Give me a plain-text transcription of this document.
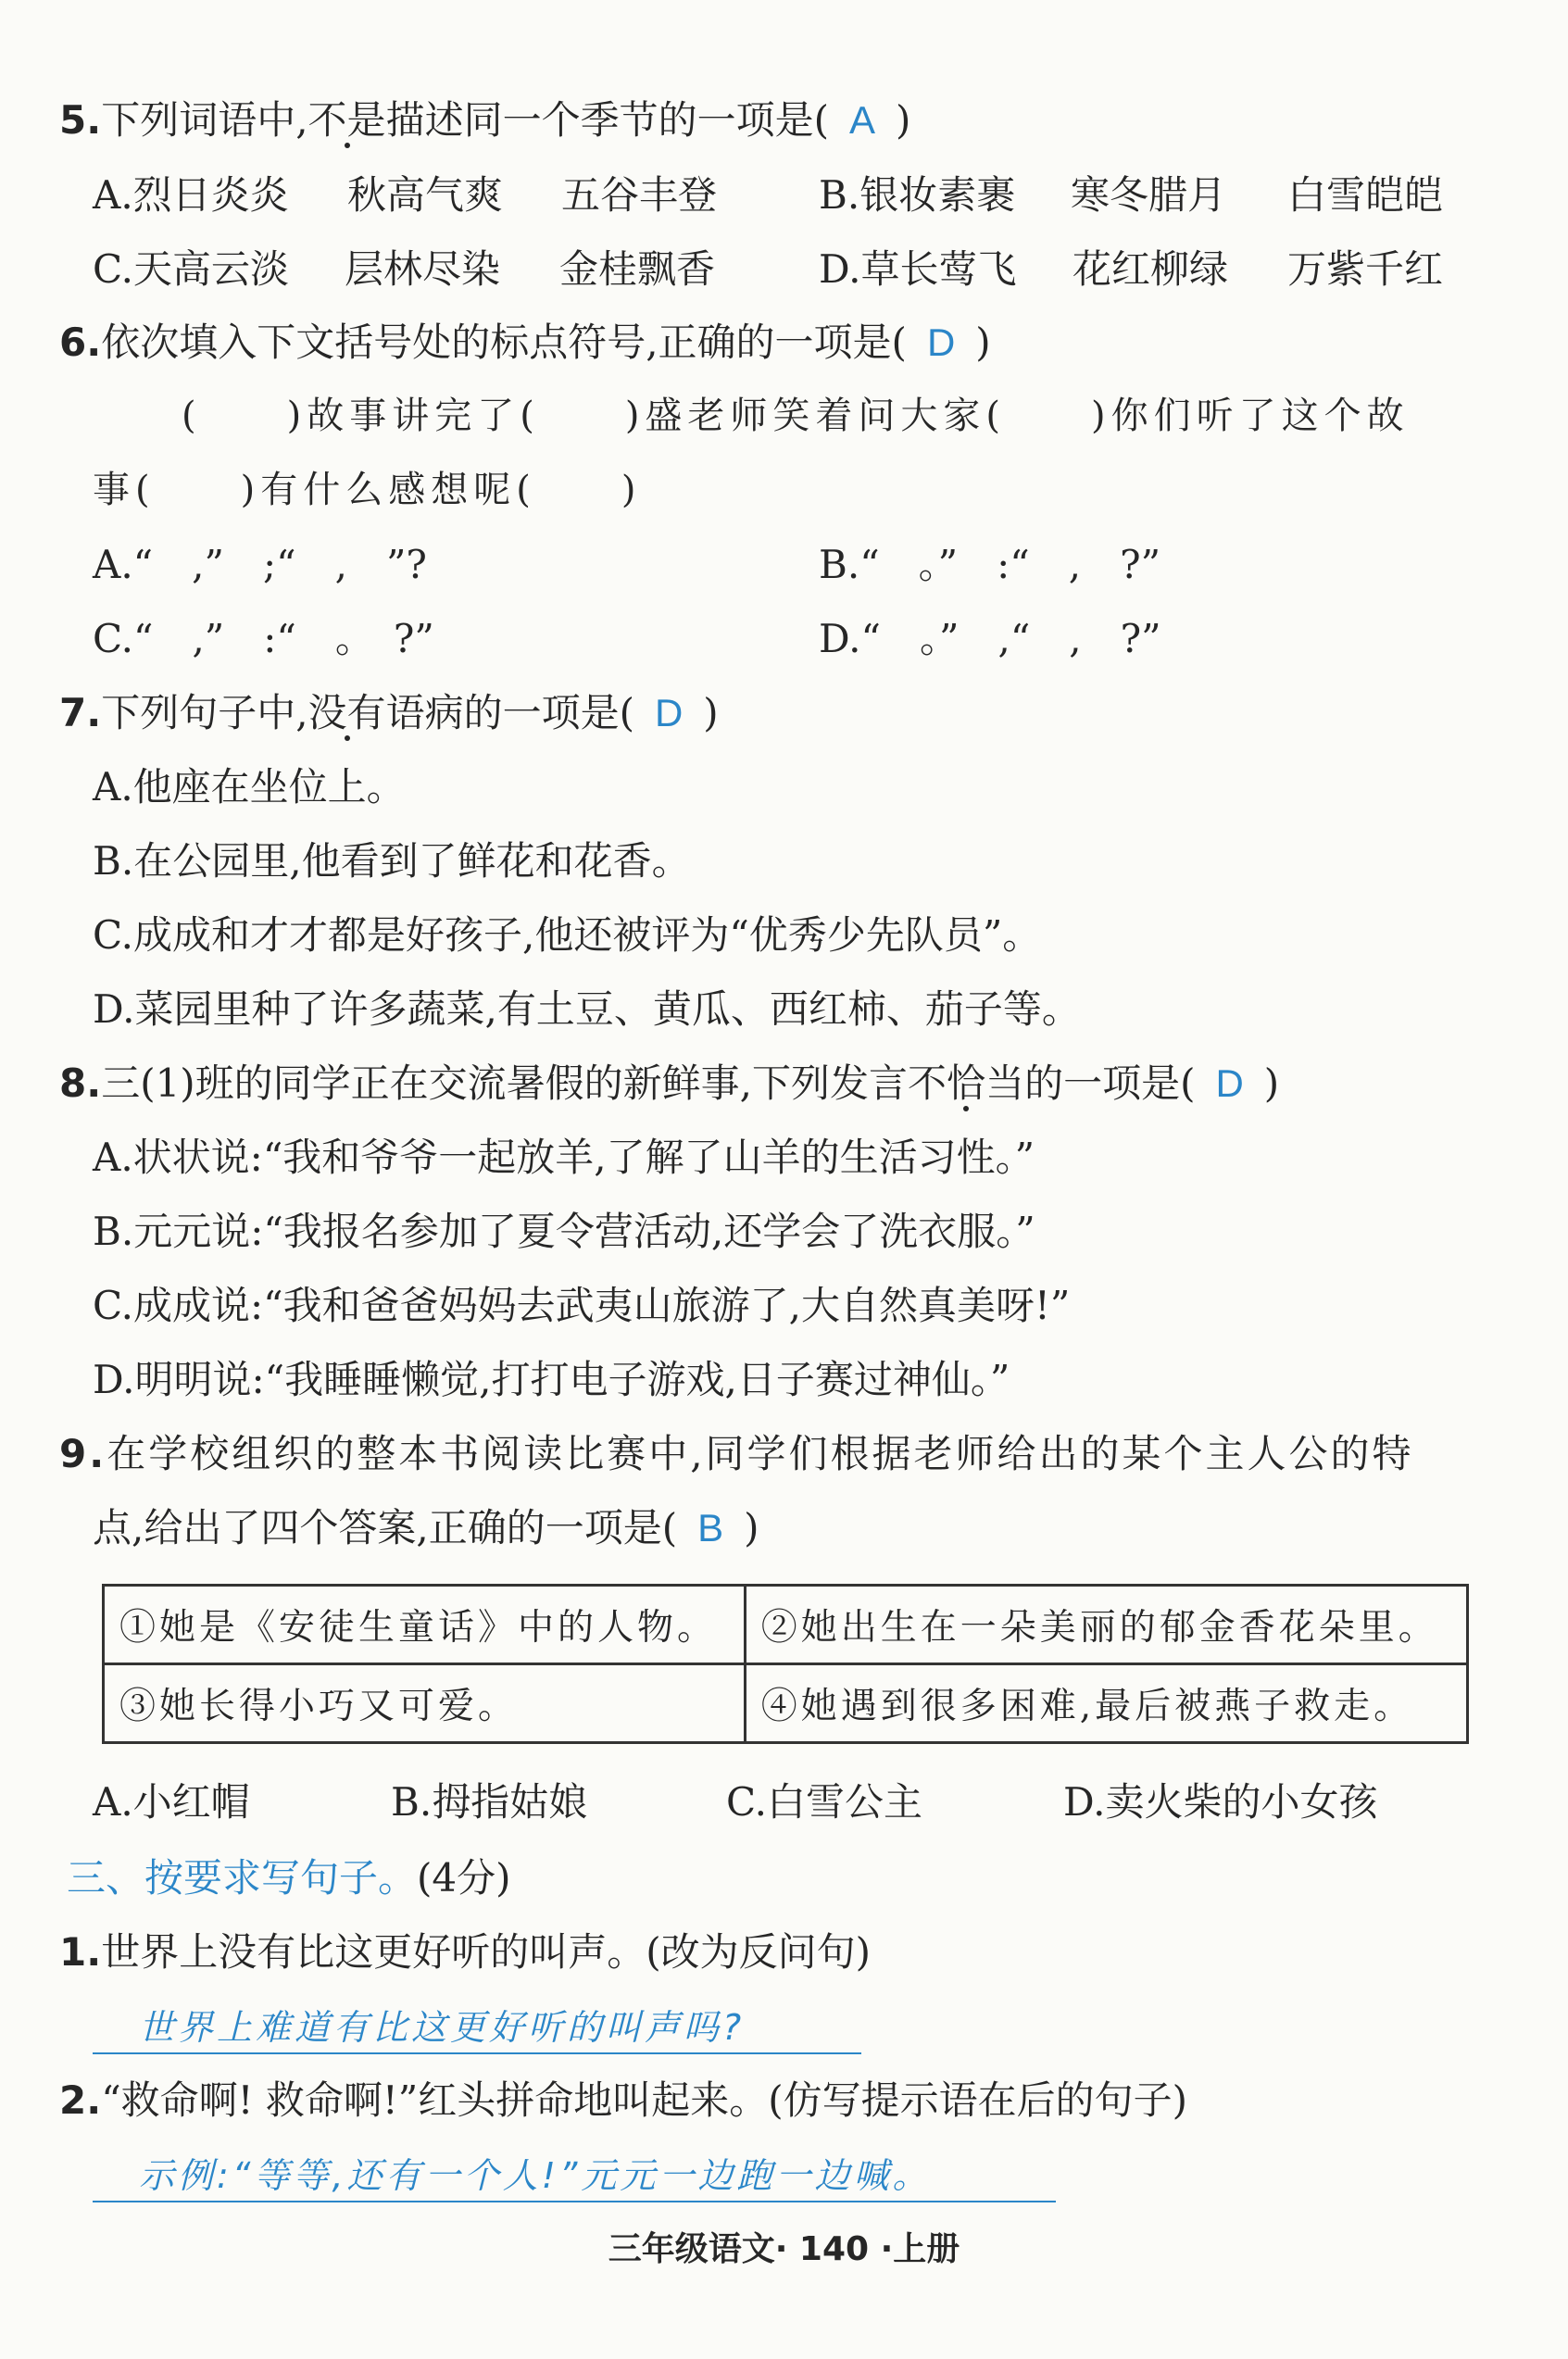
5.下列词语中,不是描述同一个季节的一项是( A )
A.烈日炎炎 秋高气爽 五谷丰登	B.银妆素裹 寒冬腊月 白雪皑皑
C.天高云淡 层林尽染 金桂飘香	D.草长莺飞 花红柳绿 万紫千红
6.依次填入下文括号处的标点符号,正确的一项是( D )
(　　)故事讲完了(　　)盛老师笑着问大家(　　)你们听了这个故
事(　　)有什么感想呢(　　)
A.“　,”　;“　,　”?	B.“　。”　:“　,　?”
C.“　,”　:“　。　?”	D.“　。”　,“　,　?”
7.下列句子中,没有语病的一项是( D )
A.他座在坐位上。
B.在公园里,他看到了鲜花和花香。
C.成成和才才都是好孩子,他还被评为“优秀少先队员”。
D.菜园里种了许多蔬菜,有土豆、黄瓜、西红柿、茄子等。
8.三(1)班的同学正在交流暑假的新鲜事,下列发言不恰当的一项是( D )
A.状状说:“我和爷爷一起放羊,了解了山羊的生活习性。”
B.元元说:“我报名参加了夏令营活动,还学会了洗衣服。”
C.成成说:“我和爸爸妈妈去武夷山旅游了,大自然真美呀!”
D.明明说:“我睡睡懒觉,打打电子游戏,日子赛过神仙。”
9.在学校组织的整本书阅读比赛中,同学们根据老师给出的某个主人公的特
点,给出了四个答案,正确的一项是( B )
①她是《安徒生童话》中的人物。	②她出生在一朵美丽的郁金香花朵里。
③她长得小巧又可爱。	④她遇到很多困难,最后被燕子救走。
A.小红帽	B.拇指姑娘	C.白雪公主	D.卖火柴的小女孩
三、按要求写句子。(4分)
1.世界上没有比这更好听的叫声。(改为反问句)
世界上难道有比这更好听的叫声吗?
2.“救命啊! 救命啊!”红头拼命地叫起来。(仿写提示语在后的句子)
示例:“等等,还有一个人!”元元一边跑一边喊。
三年级语文· 140 ·上册
